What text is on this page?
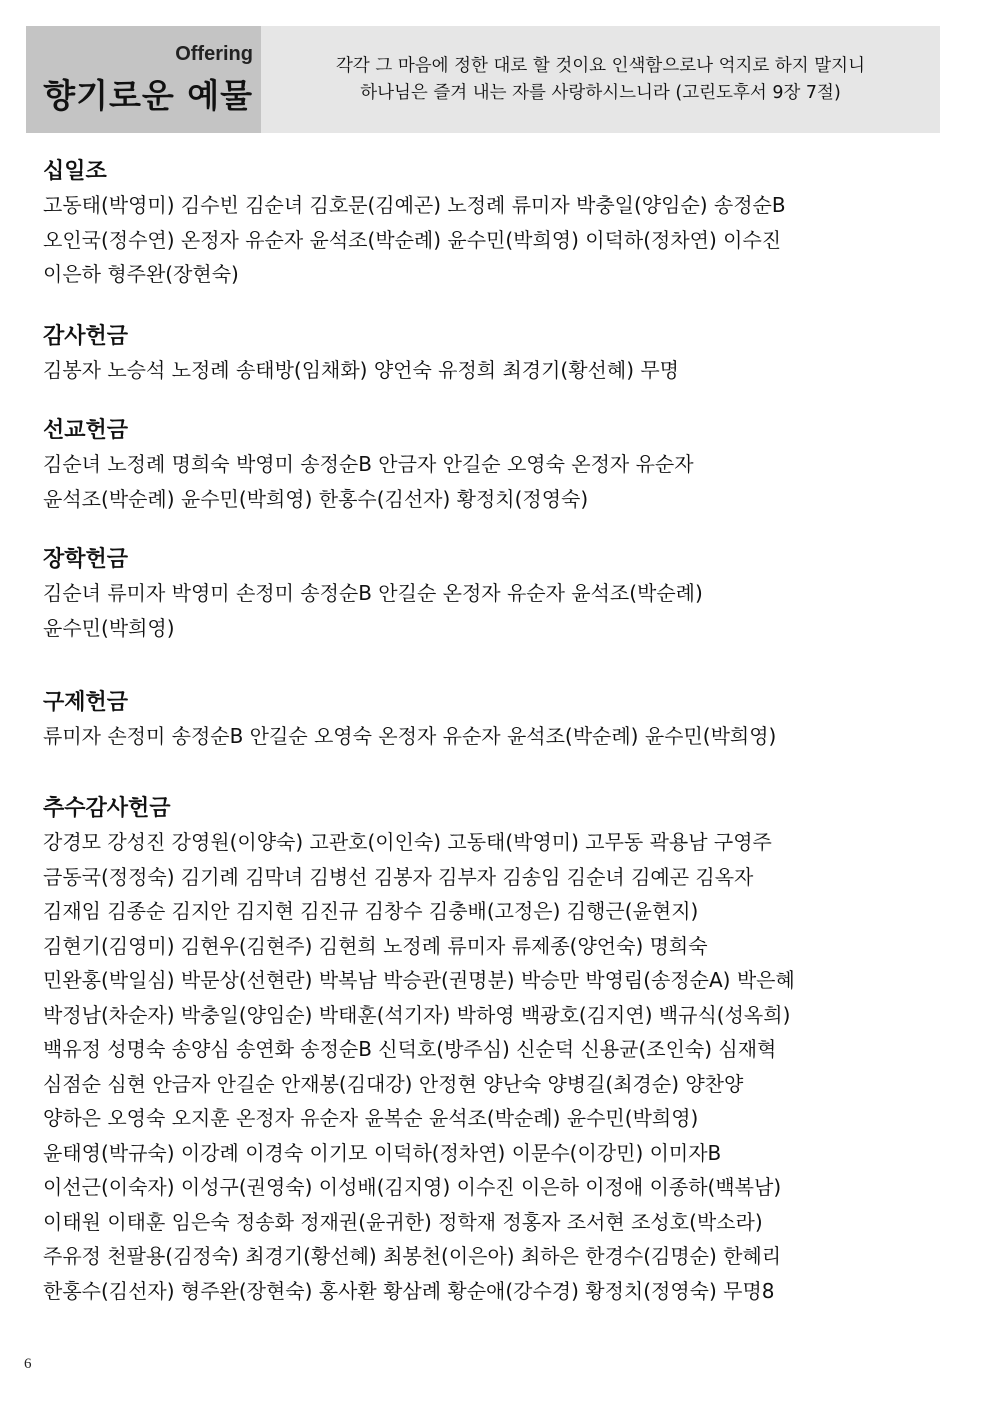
Offering
향기로운 예물
각각 그 마음에 정한 대로 할 것이요 인색함으로나 억지로 하지 말지니
하나님은 즐겨 내는 자를 사랑하시느니라 (고린도후서 9장 7절)
십일조
고동태(박영미) 김수빈 김순녀 김호문(김예곤) 노정례 류미자 박충일(양임순) 송정순B
오인국(정수연) 온정자 유순자 윤석조(박순례) 윤수민(박희영) 이덕하(정차연) 이수진
이은하 형주완(장현숙)
감사헌금
김봉자 노승석 노정례 송태방(임채화) 양언숙 유정희 최경기(황선혜) 무명
선교헌금
김순녀 노정례 명희숙 박영미 송정순B 안금자 안길순 오영숙 온정자 유순자
윤석조(박순례) 윤수민(박희영) 한홍수(김선자) 황정치(정영숙)
장학헌금
김순녀 류미자 박영미 손정미 송정순B 안길순 온정자 유순자 윤석조(박순례)
윤수민(박희영)
구제헌금
류미자 손정미 송정순B 안길순 오영숙 온정자 유순자 윤석조(박순례) 윤수민(박희영)
추수감사헌금
강경모 강성진 강영원(이양숙) 고관호(이인숙) 고동태(박영미) 고무동 곽용남 구영주
금동국(정정숙) 김기례 김막녀 김병선 김봉자 김부자 김송임 김순녀 김예곤 김옥자
김재임 김종순 김지안 김지현 김진규 김창수 김충배(고정은) 김행근(윤현지)
김현기(김영미) 김현우(김현주) 김현희 노정례 류미자 류제종(양언숙) 명희숙
민완홍(박일심) 박문상(선현란) 박복남 박승관(권명분) 박승만 박영림(송정순A) 박은혜
박정남(차순자) 박충일(양임순) 박태훈(석기자) 박하영 백광호(김지연) 백규식(성옥희)
백유정 성명숙 송양심 송연화 송정순B 신덕호(방주심) 신순덕 신용균(조인숙) 심재혁
심점순 심현 안금자 안길순 안재봉(김대강) 안정현 양난숙 양병길(최경순) 양찬양
양하은 오영숙 오지훈 온정자 유순자 윤복순 윤석조(박순례) 윤수민(박희영)
윤태영(박규숙) 이강례 이경숙 이기모 이덕하(정차연) 이문수(이강민) 이미자B
이선근(이숙자) 이성구(권영숙) 이성배(김지영) 이수진 이은하 이정애 이종하(백복남)
이태원 이태훈 임은숙 정송화 정재권(윤귀한) 정학재 정홍자 조서현 조성호(박소라)
주유정 천팔용(김정숙) 최경기(황선혜) 최봉천(이은아) 최하은 한경수(김명순) 한혜리
한홍수(김선자) 형주완(장현숙) 홍사환 황삼례 황순애(강수경) 황정치(정영숙) 무명8
6
